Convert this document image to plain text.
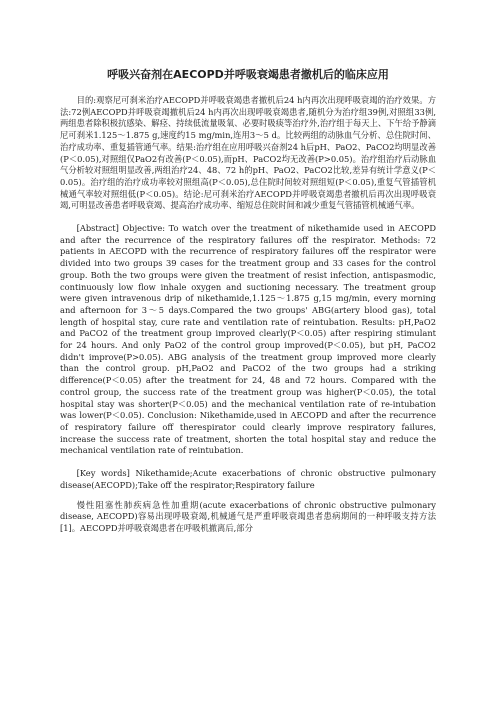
呼吸兴奋剂在AECOPD并呼吸衰竭患者撤机后的临床应用

目的:观察尼可刹米治疗AECOPD并呼吸衰竭患者撤机后24 h内再次出现呼吸衰竭的治疗效果。方法:72例AECOPD并呼吸衰竭撤机后24 h内再次出现呼吸衰竭患者,随机分为治疗组39例,对照组33例,两组患者除积极抗感染、解痉、持续低流量吸氧、必要时吸痰等治疗外,治疗组于每天上、下午给予静滴尼可刹米1.125～1.875 g,速度约15 mg/min,连用3～5 d。比较两组的动脉血气分析、总住院时间、治疗成功率、重复插管通气率。结果:治疗组在应用呼吸兴奋剂24 h后pH、PaO2、PaCO2均明显改善(P＜0.05),对照组仅PaO2有改善(P＜0.05),而pH、PaCO2均无改善(P>0.05)。治疗组治疗后动脉血气分析较对照组明显改善,两组治疗24、48、72 h的pH、PaO2、PaCO2比较,差异有统计学意义(P＜0.05)。治疗组的治疗成功率较对照组高(P＜0.05),总住院时间较对照组短(P＜0.05),重复气管插管机械通气率较对照组低(P＜0.05)。结论:尼可刹米治疗AECOPD并呼吸衰竭患者撤机后再次出现呼吸衰竭,可明显改善患者呼吸衰竭、提高治疗成功率、缩短总住院时间和减少重复气管插管机械通气率。

[Abstract] Objective: To watch over the treatment of nikethamide used in AECOPD and after the recurrence of the respiratory failures off the respirator. Methods: 72 patients in AECOPD with the recurrence of respiratory failures off the respirator were divided into two groups 39 cases for the treatment group and 33 cases for the control group. Both the two groups were given the treatment of resist infection, antispasmodic, continuously low flow inhale oxygen and suctioning necessary. The treatment group were given intravenous drip of nikethamide,1.125～1.875 g,15 mg/min, every morning and afternoon for 3～5 days.Compared the two groups' ABG(artery blood gas), total length of hospital stay, cure rate and ventilation rate of reintubation. Results: pH,PaO2 and PaCO2 of the treatment group improved clearly(P＜0.05) after respiring stimulant for 24 hours. And only PaO2 of the control group improved(P＜0.05), but pH, PaCO2 didn't improve(P>0.05). ABG analysis of the treatment group improved more clearly than the control group. pH,PaO2 and PaCO2 of the two groups had a striking difference(P＜0.05) after the treatment for 24, 48 and 72 hours. Compared with the control group, the success rate of the treatment group was higher(P＜0.05), the total hospital stay was shorter(P＜0.05) and the mechanical ventilation rate of re-intubation was lower(P＜0.05). Conclusion: Nikethamide,used in AECOPD and after the recurrence of respiratory failure off therespirator could clearly improve respiratory failures, increase the success rate of treatment, shorten the total hospital stay and reduce the mechanical ventilation rate of reintubation.

[Key words] Nikethamide;Acute exacerbations of chronic obstructive pulmonary disease(AECOPD);Take off the respirator;Respiratory failure

慢性阻塞性肺疾病急性加重期(acute exacerbations of chronic obstructive pulmonary disease, AECOPD)容易出现呼吸衰竭,机械通气是严重呼吸衰竭患者患病期间的一种呼吸支持方法[1]。AECOPD并呼吸衰竭患者在呼吸机撤离后,部分
